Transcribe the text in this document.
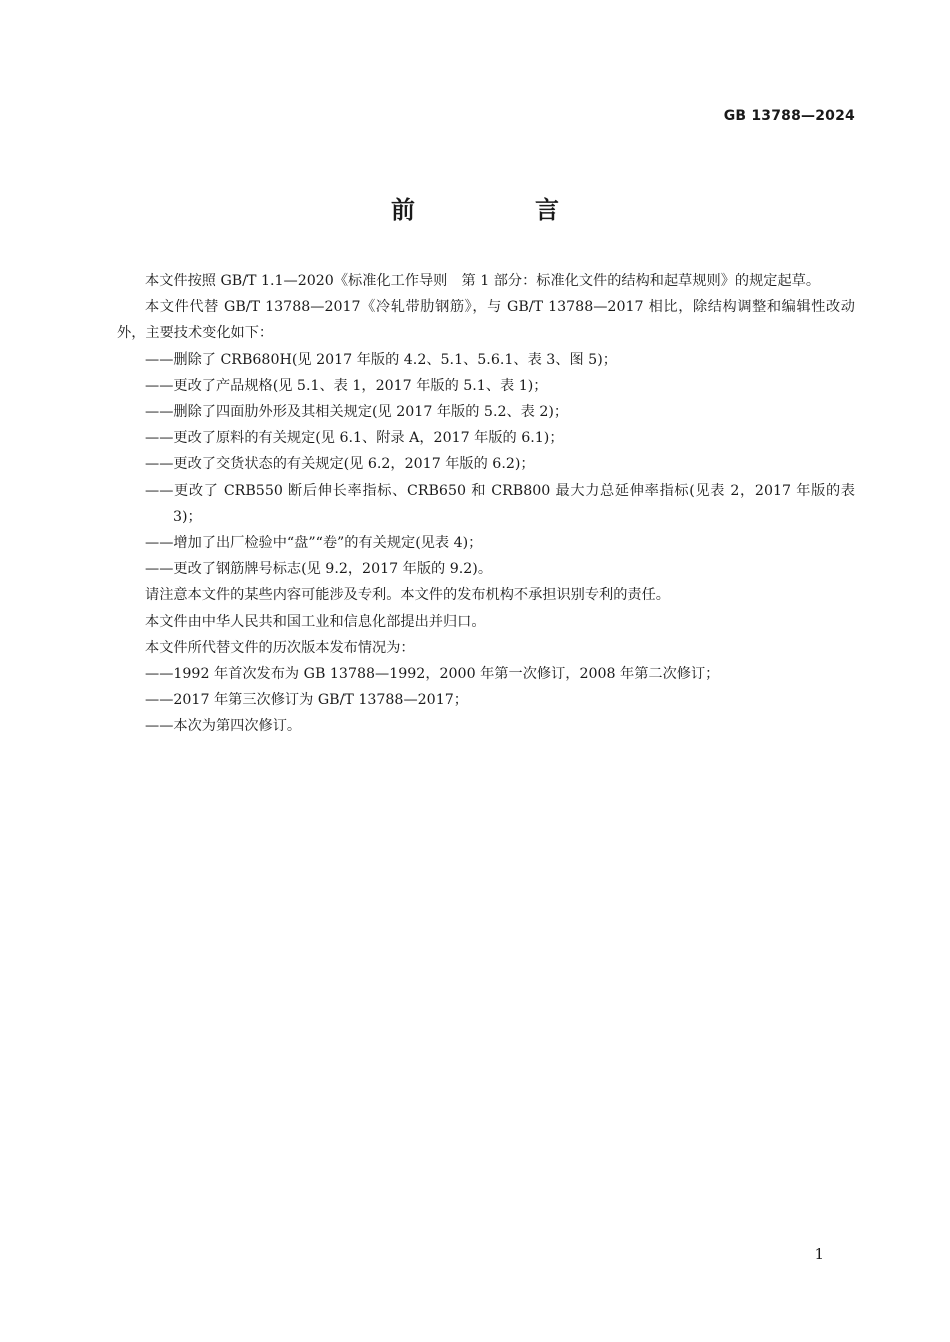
GB 13788—2024
前　言

本文件按照 GB/T 1.1—2020《标准化工作导则　第 1 部分：标准化文件的结构和起草规则》的规定起草。

本文件代替 GB/T 13788—2017《冷轧带肋钢筋》，与 GB/T 13788—2017 相比，除结构调整和编辑性改动外，主要技术变化如下：

——删除了 CRB680H(见 2017 年版的 4.2、5.1、5.6.1、表 3、图 5)；

——更改了产品规格(见 5.1、表 1，2017 年版的 5.1、表 1)；

——删除了四面肋外形及其相关规定(见 2017 年版的 5.2、表 2)；

——更改了原料的有关规定(见 6.1、附录 A，2017 年版的 6.1)；

——更改了交货状态的有关规定(见 6.2，2017 年版的 6.2)；

——更改了 CRB550 断后伸长率指标、CRB650 和 CRB800 最大力总延伸率指标(见表 2，2017 年版的表 3)；

——增加了出厂检验中“盘”“卷”的有关规定(见表 4)；

——更改了钢筋牌号标志(见 9.2，2017 年版的 9.2)。

请注意本文件的某些内容可能涉及专利。本文件的发布机构不承担识别专利的责任。

本文件由中华人民共和国工业和信息化部提出并归口。

本文件所代替文件的历次版本发布情况为：

——1992 年首次发布为 GB 13788—1992，2000 年第一次修订，2008 年第二次修订；

——2017 年第三次修订为 GB/T 13788—2017；

——本次为第四次修订。

1
